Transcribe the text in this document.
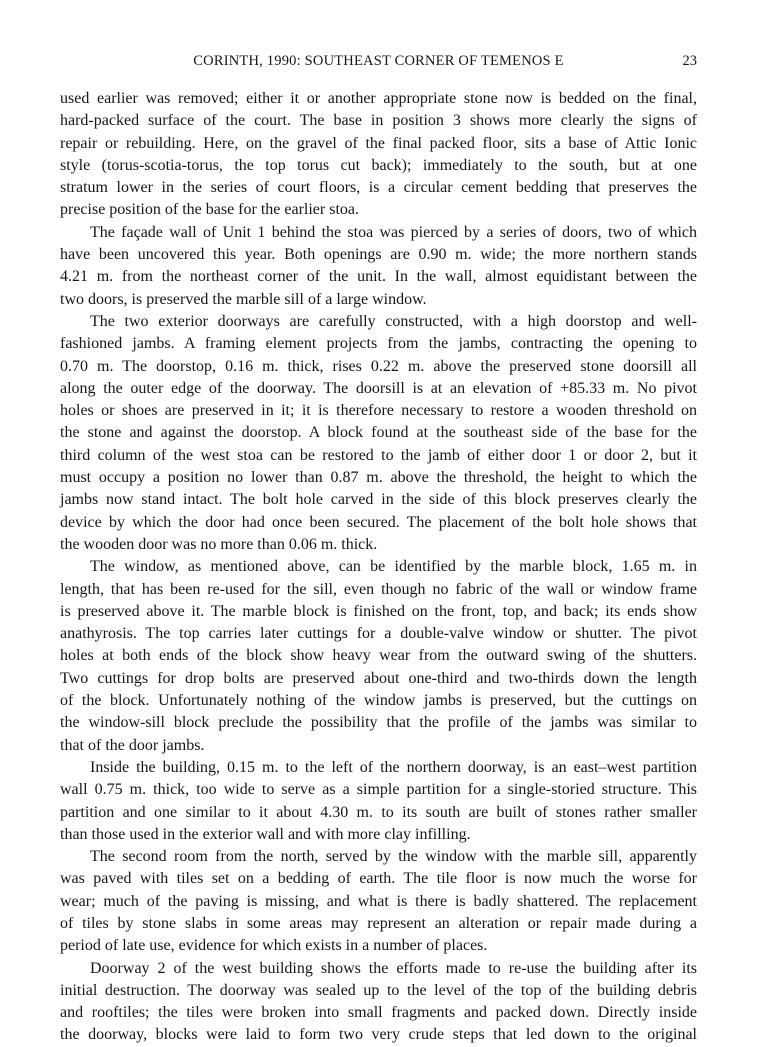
CORINTH, 1990: SOUTHEAST CORNER OF TEMENOS E	23
used earlier was removed; either it or another appropriate stone now is bedded on the final,
hard-packed surface of the court. The base in position 3 shows more clearly the signs of
repair or rebuilding. Here, on the gravel of the final packed floor, sits a base of Attic Ionic
style (torus-scotia-torus, the top torus cut back); immediately to the south, but at one
stratum lower in the series of court floors, is a circular cement bedding that preserves the
precise position of the base for the earlier stoa.
The façade wall of Unit 1 behind the stoa was pierced by a series of doors, two of which
have been uncovered this year. Both openings are 0.90 m. wide; the more northern stands
4.21 m. from the northeast corner of the unit. In the wall, almost equidistant between the
two doors, is preserved the marble sill of a large window.
The two exterior doorways are carefully constructed, with a high doorstop and well-
fashioned jambs. A framing element projects from the jambs, contracting the opening to
0.70 m. The doorstop, 0.16 m. thick, rises 0.22 m. above the preserved stone doorsill all
along the outer edge of the doorway. The doorsill is at an elevation of +85.33 m. No pivot
holes or shoes are preserved in it; it is therefore necessary to restore a wooden threshold on
the stone and against the doorstop. A block found at the southeast side of the base for the
third column of the west stoa can be restored to the jamb of either door 1 or door 2, but it
must occupy a position no lower than 0.87 m. above the threshold, the height to which the
jambs now stand intact. The bolt hole carved in the side of this block preserves clearly the
device by which the door had once been secured. The placement of the bolt hole shows that
the wooden door was no more than 0.06 m. thick.
The window, as mentioned above, can be identified by the marble block, 1.65 m. in
length, that has been re-used for the sill, even though no fabric of the wall or window frame
is preserved above it. The marble block is finished on the front, top, and back; its ends show
anathyrosis. The top carries later cuttings for a double-valve window or shutter. The pivot
holes at both ends of the block show heavy wear from the outward swing of the shutters.
Two cuttings for drop bolts are preserved about one-third and two-thirds down the length
of the block. Unfortunately nothing of the window jambs is preserved, but the cuttings on
the window-sill block preclude the possibility that the profile of the jambs was similar to
that of the door jambs.
Inside the building, 0.15 m. to the left of the northern doorway, is an east–west partition
wall 0.75 m. thick, too wide to serve as a simple partition for a single-storied structure. This
partition and one similar to it about 4.30 m. to its south are built of stones rather smaller
than those used in the exterior wall and with more clay infilling.
The second room from the north, served by the window with the marble sill, apparently
was paved with tiles set on a bedding of earth. The tile floor is now much the worse for
wear; much of the paving is missing, and what is there is badly shattered. The replacement
of tiles by stone slabs in some areas may represent an alteration or repair made during a
period of late use, evidence for which exists in a number of places.
Doorway 2 of the west building shows the efforts made to re-use the building after its
initial destruction. The doorway was sealed up to the level of the top of the building debris
and rooftiles; the tiles were broken into small fragments and packed down. Directly inside
the doorway, blocks were laid to form two very crude steps that led down to the original
